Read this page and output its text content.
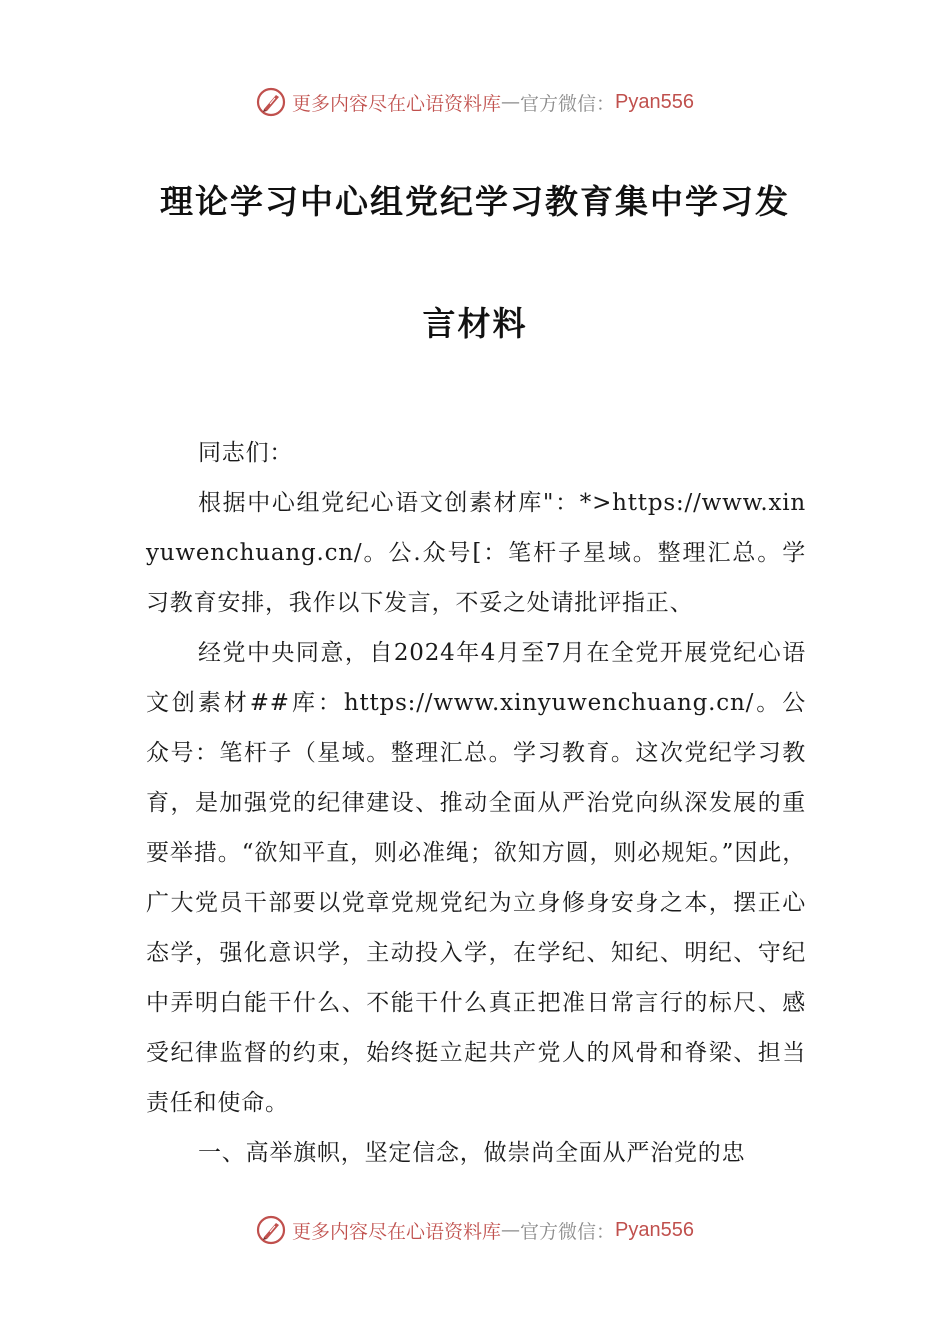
更多内容尽在心语资料库 — 官方微信： Pyan556
理论学习中心组党纪学习教育集中学习发
言材料

同志们：

根据中心组党纪心语文创素材库"：*>https://www.xinyuwenchuang.cn/。公.众号[：笔杆子星域。整理汇总。学习教育安排，我作以下发言，不妥之处请批评指正、

经党中央同意，自2024年4月至7月在全党开展党纪心语文创素材##库：https://www.xinyuwenchuang.cn/。公众号：笔杆子（星域。整理汇总。学习教育。这次党纪学习教育，是加强党的纪律建设、推动全面从严治党向纵深发展的重要举措。“欲知平直，则必准绳；欲知方圆，则必规矩。”因此，广大党员干部要以党章党规党纪为立身修身安身之本，摆正心态学，强化意识学，主动投入学，在学纪、知纪、明纪、守纪中弄明白能干什么、不能干什么真正把准日常言行的标尺、感受纪律监督的约束，始终挺立起共产党人的风骨和脊梁、担当责任和使命。

一、高举旗帜，坚定信念，做崇尚全面从严治党的忠

更多内容尽在心语资料库 — 官方微信： Pyan556
